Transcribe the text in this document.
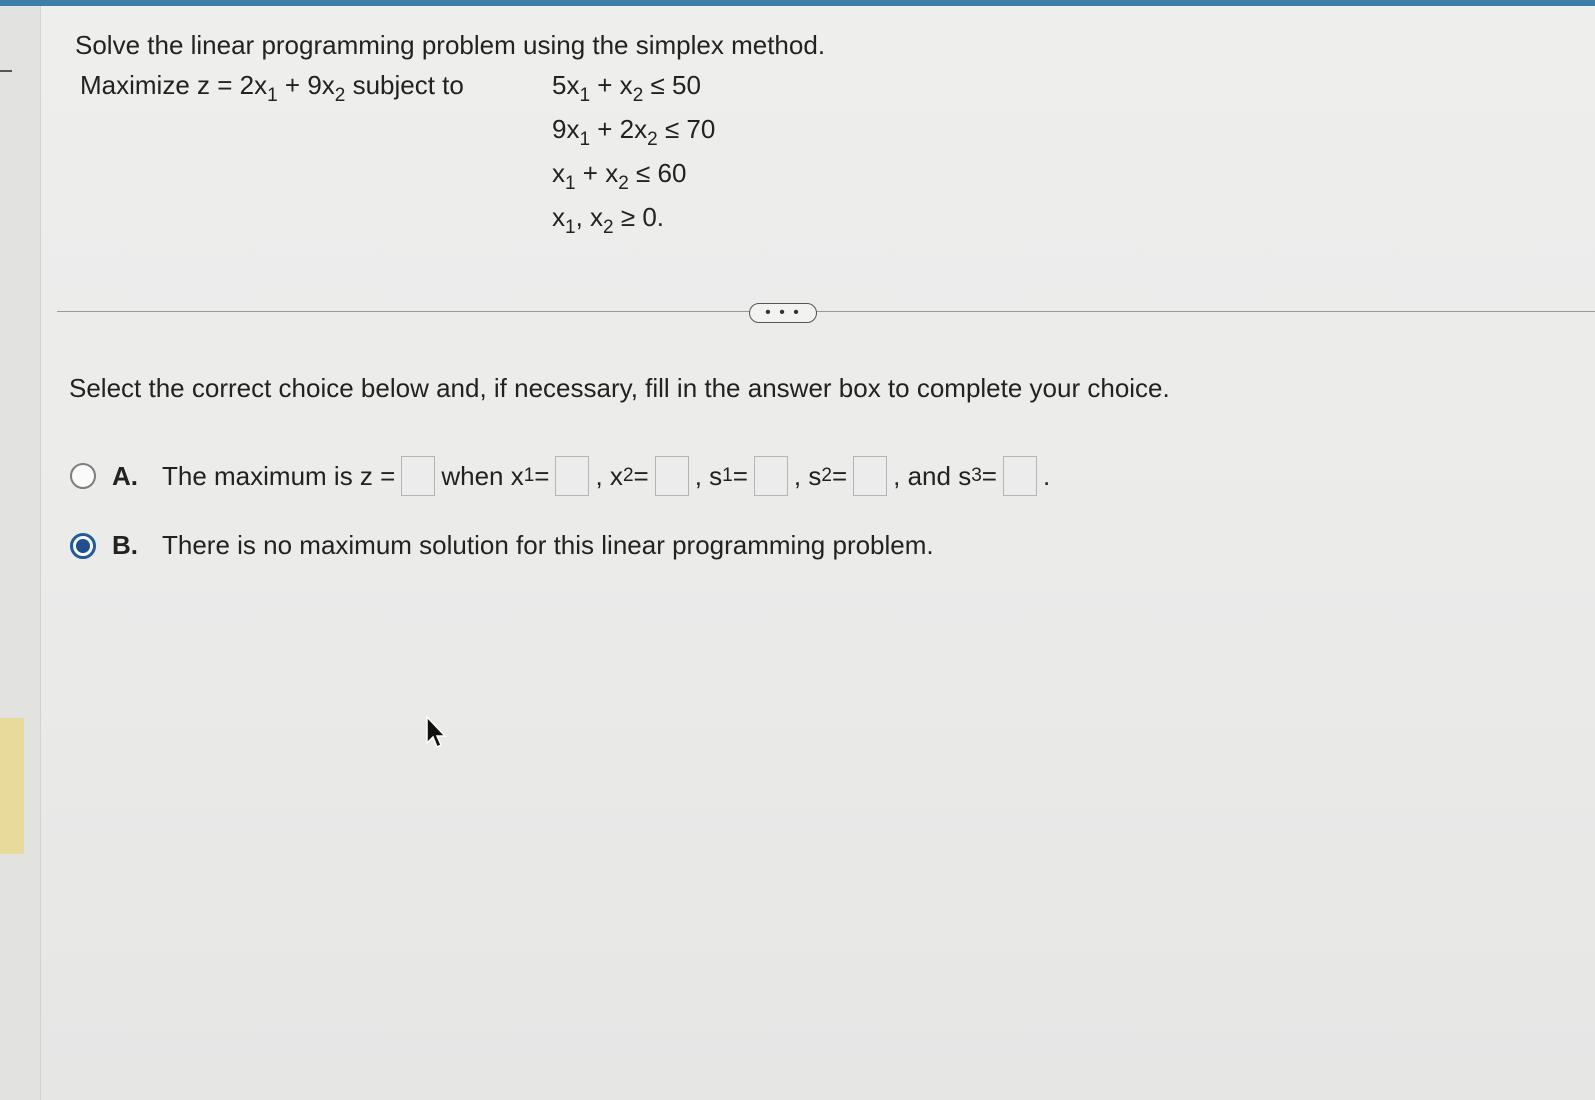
Solve the linear programming problem using the simplex method.
Maximize $z = 2x_1 + 9x_2$ subject to	$5x_1 + x_2 \le 50$
$9x_1 + 2x_2 \le 70$
$x_1 + x_2 \le 60$
$x_1$, $x_2 \ge 0$.
• • •
Select the correct choice below and, if necessary, fill in the answer box to complete your choice.
A. The maximum is z = when x 1 = , x 2 = , s 1 = , s 2 = , and s 3 = .
B. There is no maximum solution for this linear programming problem.
